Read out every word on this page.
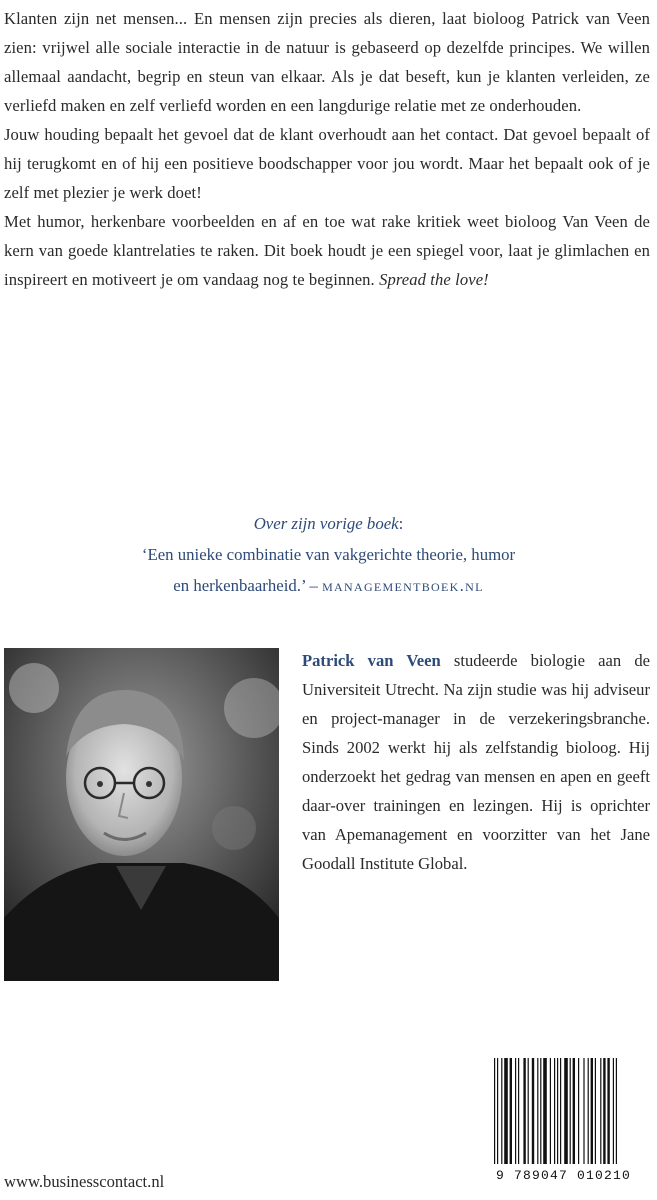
Klanten zijn net mensen... En mensen zijn precies als dieren, laat bioloog Patrick van Veen zien: vrijwel alle sociale interactie in de natuur is gebaseerd op dezelfde principes. We willen allemaal aandacht, begrip en steun van elkaar. Als je dat beseft, kun je klanten verleiden, ze verliefd maken en zelf verliefd worden en een langdurige relatie met ze onderhouden.

Jouw houding bepaalt het gevoel dat de klant overhoudt aan het contact. Dat gevoel bepaalt of hij terugkomt en of hij een positieve boodschapper voor jou wordt. Maar het bepaalt ook of je zelf met plezier je werk doet!

Met humor, herkenbare voorbeelden en af en toe wat rake kritiek weet bioloog Van Veen de kern van goede klantrelaties te raken. Dit boek houdt je een spiegel voor, laat je glimlachen en inspireert en motiveert je om vandaag nog te beginnen. Spread the love!

Over zijn vorige boek:
‘Een unieke combinatie van vakgerichte theorie, humor
en herkenbaarheid.’ – managementboek.nl
Patrick van Veen studeerde biologie aan de Universiteit Utrecht. Na zijn studie was hij adviseur en project-manager in de verzekeringsbranche. Sinds 2002 werkt hij als zelfstandig bioloog. Hij onderzoekt het gedrag van mensen en apen en geeft daar-over trainingen en lezingen. Hij is oprichter van Apemanagement en voorzitter van het Jane Goodall Institute Global.
9 789047 010210
www.businesscontact.nl
